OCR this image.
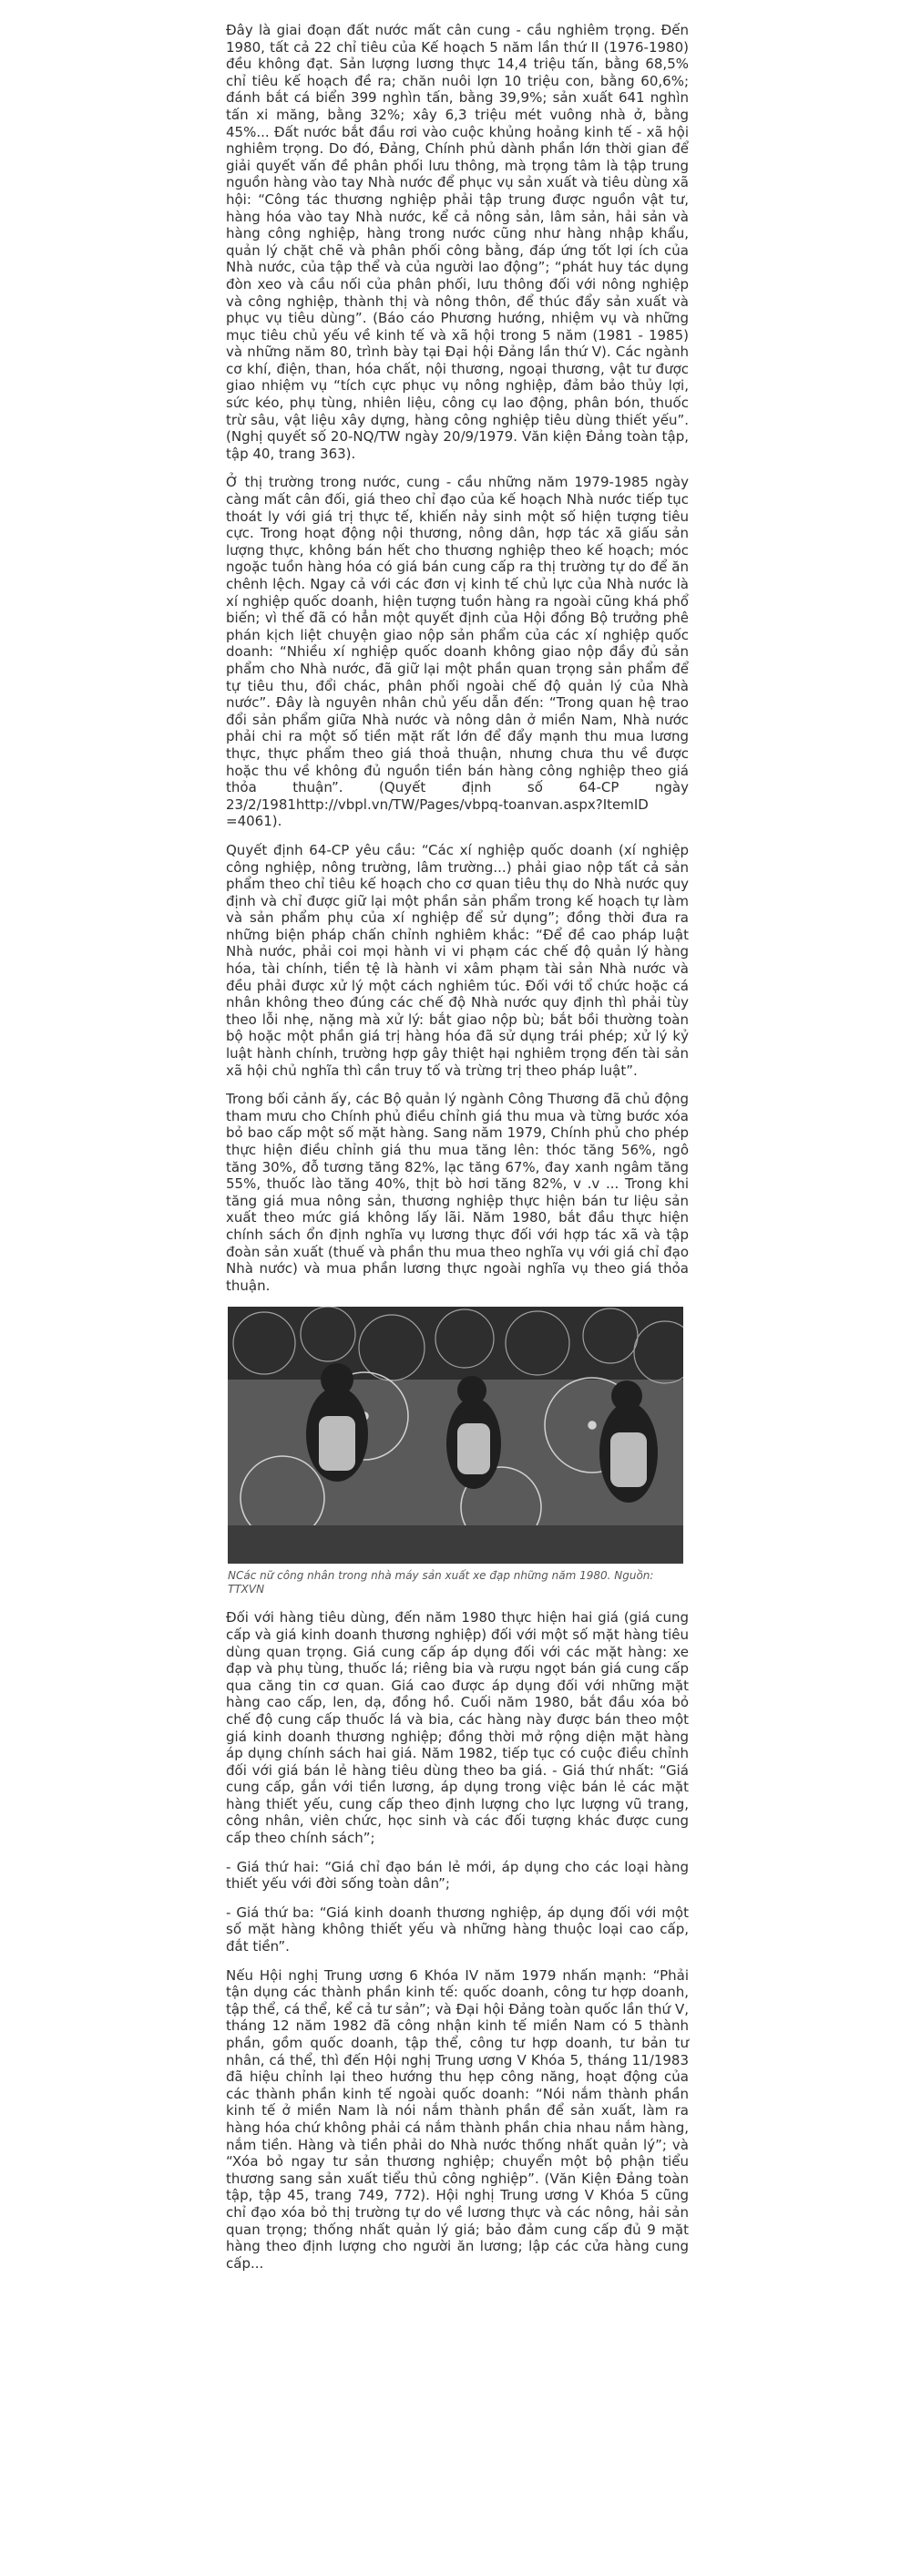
Đây là giai đoạn đất nước mất cân cung - cầu nghiêm trọng. Đến 1980, tất cả 22 chỉ tiêu của Kế hoạch 5 năm lần thứ II (1976-1980) đều không đạt. Sản lượng lương thực 14,4 triệu tấn, bằng 68,5% chỉ tiêu kế hoạch đề ra; chăn nuôi lợn 10 triệu con, bằng 60,6%; đánh bắt cá biển 399 nghìn tấn, bằng 39,9%; sản xuất 641 nghìn tấn xi măng, bằng 32%; xây 6,3 triệu mét vuông nhà ở, bằng 45%... Đất nước bắt đầu rơi vào cuộc khủng hoảng kinh tế - xã hội nghiêm trọng. Do đó, Đảng, Chính phủ dành phần lớn thời gian để giải quyết vấn đề phân phối lưu thông, mà trọng tâm là tập trung nguồn hàng vào tay Nhà nước để phục vụ sản xuất và tiêu dùng xã hội: “Công tác thương nghiệp phải tập trung được nguồn vật tư, hàng hóa vào tay Nhà nước, kể cả nông sản, lâm sản, hải sản và hàng công nghiệp, hàng trong nước cũng như hàng nhập khẩu, quản lý chặt chẽ và phân phối công bằng, đáp ứng tốt lợi ích của Nhà nước, của tập thể và của người lao động”; “phát huy tác dụng đòn xeo và cầu nối của phân phối, lưu thông đối với nông nghiệp và công nghiệp, thành thị và nông thôn, để thúc đẩy sản xuất và phục vụ tiêu dùng”. (Báo cáo Phương hướng, nhiệm vụ và những mục tiêu chủ yếu về kinh tế và xã hội trong 5 năm (1981 - 1985) và những năm 80, trình bày tại Đại hội Đảng lần thứ V). Các ngành cơ khí, điện, than, hóa chất, nội thương, ngoại thương, vật tư được giao nhiệm vụ “tích cực phục vụ nông nghiệp, đảm bảo thủy lợi, sức kéo, phụ tùng, nhiên liệu, công cụ lao động, phân bón, thuốc trừ sâu, vật liệu xây dựng, hàng công nghiệp tiêu dùng thiết yếu”. (Nghị quyết số 20-NQ/TW ngày 20/9/1979. Văn kiện Đảng toàn tập, tập 40, trang 363).

Ở thị trường trong nước, cung - cầu những năm 1979-1985 ngày càng mất cân đối, giá theo chỉ đạo của kế hoạch Nhà nước tiếp tục thoát ly với giá trị thực tế, khiến nảy sinh một số hiện tượng tiêu cực. Trong hoạt động nội thương, nông dân, hợp tác xã giấu sản lượng thực, không bán hết cho thương nghiệp theo kế hoạch; móc ngoặc tuồn hàng hóa có giá bán cung cấp ra thị trường tự do để ăn chênh lệch. Ngay cả với các đơn vị kinh tế chủ lực của Nhà nước là xí nghiệp quốc doanh, hiện tượng tuồn hàng ra ngoài cũng khá phổ biến; vì thế đã có hẳn một quyết định của Hội đồng Bộ trưởng phê phán kịch liệt chuyện giao nộp sản phẩm của các xí nghiệp quốc doanh: “Nhiều xí nghiệp quốc doanh không giao nộp đầy đủ sản phẩm cho Nhà nước, đã giữ lại một phần quan trọng sản phẩm để tự tiêu thu, đổi chác, phân phối ngoài chế độ quản lý của Nhà nước”. Đây là nguyên nhân chủ yếu dẫn đến: “Trong quan hệ trao đổi sản phẩm giữa Nhà nước và nông dân ở miền Nam, Nhà nước phải chi ra một số tiền mặt rất lớn để đẩy mạnh thu mua lương thực, thực phẩm theo giá thoả thuận, nhưng chưa thu về được hoặc thu về không đủ nguồn tiền bán hàng công nghiệp theo giá thỏa thuận”. (Quyết định số 64-CP ngày 23/2/1981http://vbpl.vn/TW/Pages/vbpq-toanvan.aspx?ItemID =4061).

Quyết định 64-CP yêu cầu: “Các xí nghiệp quốc doanh (xí nghiệp công nghiệp, nông trường, lâm trường...) phải giao nộp tất cả sản phẩm theo chỉ tiêu kế hoạch cho cơ quan tiêu thụ do Nhà nước quy định và chỉ được giữ lại một phần sản phẩm trong kế hoạch tự làm và sản phẩm phụ của xí nghiệp để sử dụng”; đồng thời đưa ra những biện pháp chấn chỉnh nghiêm khắc: “Để đề cao pháp luật Nhà nước, phải coi mọi hành vi vi phạm các chế độ quản lý hàng hóa, tài chính, tiền tệ là hành vi xâm phạm tài sản Nhà nước và đều phải được xử lý một cách nghiêm túc. Đối với tổ chức hoặc cá nhân không theo đúng các chế độ Nhà nước quy định thì phải tùy theo lỗi nhẹ, nặng mà xử lý: bắt giao nộp bù; bắt bồi thường toàn bộ hoặc một phần giá trị hàng hóa đã sử dụng trái phép; xử lý kỷ luật hành chính, trường hợp gây thiệt hại nghiêm trọng đến tài sản xã hội chủ nghĩa thì cần truy tố và trừng trị theo pháp luật”.

Trong bối cảnh ấy, các Bộ quản lý ngành Công Thương đã chủ động tham mưu cho Chính phủ điều chỉnh giá thu mua và từng bước xóa bỏ bao cấp một số mặt hàng. Sang năm 1979, Chính phủ cho phép thực hiện điều chỉnh giá thu mua tăng lên: thóc tăng 56%, ngô tăng 30%, đỗ tương tăng 82%, lạc tăng 67%, đay xanh ngâm tăng 55%, thuốc lào tăng 40%, thịt bò hơi tăng 82%, v .v ... Trong khi tăng giá mua nông sản, thương nghiệp thực hiện bán tư liệu sản xuất theo mức giá không lấy lãi. Năm 1980, bắt đầu thực hiện chính sách ổn định nghĩa vụ lương thực đối với hợp tác xã và tập đoàn sản xuất (thuế và phần thu mua theo nghĩa vụ với giá chỉ đạo Nhà nước) và mua phần lương thực ngoài nghĩa vụ theo giá thỏa thuận.

NCác nữ công nhân trong nhà máy sản xuất xe đạp những năm 1980. Nguồn: TTXVN

Đối với hàng tiêu dùng, đến năm 1980 thực hiện hai giá (giá cung cấp và giá kinh doanh thương nghiệp) đối với một số mặt hàng tiêu dùng quan trọng. Giá cung cấp áp dụng đối với các mặt hàng: xe đạp và phụ tùng, thuốc lá; riêng bia và rượu ngọt bán giá cung cấp qua căng tin cơ quan. Giá cao được áp dụng đối với những mặt hàng cao cấp, len, dạ, đồng hồ. Cuối năm 1980, bắt đầu xóa bỏ chế độ cung cấp thuốc lá và bia, các hàng này được bán theo một giá kinh doanh thương nghiệp; đồng thời mở rộng diện mặt hàng áp dụng chính sách hai giá. Năm 1982, tiếp tục có cuộc điều chỉnh đối với giá bán lẻ hàng tiêu dùng theo ba giá. - Giá thứ nhất: “Giá cung cấp, gắn với tiền lương, áp dụng trong việc bán lẻ các mặt hàng thiết yếu, cung cấp theo định lượng cho lực lượng vũ trang, công nhân, viên chức, học sinh và các đối tượng khác được cung cấp theo chính sách”;

- Giá thứ hai: “Giá chỉ đạo bán lẻ mới, áp dụng cho các loại hàng thiết yếu với đời sống toàn dân”;

- Giá thứ ba: “Giá kinh doanh thương nghiệp, áp dụng đối với một số mặt hàng không thiết yếu và những hàng thuộc loại cao cấp, đắt tiền”.

Nếu Hội nghị Trung ương 6 Khóa IV năm 1979 nhấn mạnh: “Phải tận dụng các thành phần kinh tế: quốc doanh, công tư hợp doanh, tập thể, cá thể, kể cả tư sản”; và Đại hội Đảng toàn quốc lần thứ V, tháng 12 năm 1982 đã công nhận kinh tế miền Nam có 5 thành phần, gồm quốc doanh, tập thể, công tư hợp doanh, tư bản tư nhân, cá thể, thì đến Hội nghị Trung ương V Khóa 5, tháng 11/1983 đã hiệu chỉnh lại theo hướng thu hẹp công năng, hoạt động của các thành phần kinh tế ngoài quốc doanh: “Nói nắm thành phần kinh tế ở miền Nam là nói nắm thành phần để sản xuất, làm ra hàng hóa chứ không phải cá nắm thành phần chia nhau nắm hàng, nắm tiền. Hàng và tiền phải do Nhà nước thống nhất quản lý”; và “Xóa bỏ ngay tư sản thương nghiệp; chuyển một bộ phận tiểu thương sang sản xuất tiểu thủ công nghiệp”. (Văn Kiện Đảng toàn tập, tập 45, trang 749, 772). Hội nghị Trung ương V Khóa 5 cũng chỉ đạo xóa bỏ thị trường tự do về lương thực và các nông, hải sản quan trọng; thống nhất quản lý giá; bảo đảm cung cấp đủ 9 mặt hàng theo định lượng cho người ăn lương; lập các cửa hàng cung cấp...
